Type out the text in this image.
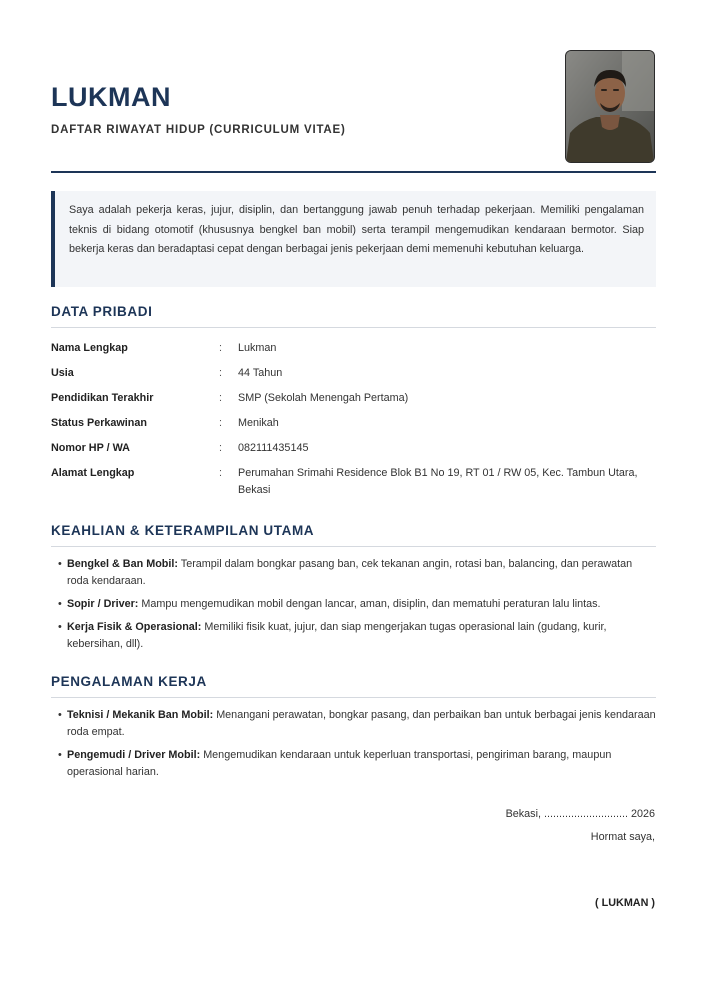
LUKMAN
DAFTAR RIWAYAT HIDUP (CURRICULUM VITAE)

Saya adalah pekerja keras, jujur, disiplin, dan bertanggung jawab penuh terhadap pekerjaan. Memiliki pengalaman teknis di bidang otomotif (khususnya bengkel ban mobil) serta terampil mengemudikan kendaraan bermotor. Siap bekerja keras dan beradaptasi cepat dengan berbagai jenis pekerjaan demi memenuhi kebutuhan keluarga.

DATA PRIBADI
Nama Lengkap	:	Lukman
Usia	:	44 Tahun
Pendidikan Terakhir	:	SMP (Sekolah Menengah Pertama)
Status Perkawinan	:	Menikah
Nomor HP / WA	:	082111435145
Alamat Lengkap	:	Perumahan Srimahi Residence Blok B1 No 19, RT 01 / RW 05, Kec. Tambun Utara, Bekasi
KEAHLIAN & KETERAMPILAN UTAMA
• Bengkel & Ban Mobil: Terampil dalam bongkar pasang ban, cek tekanan angin, rotasi ban, balancing, dan perawatan roda kendaraan.
• Sopir / Driver: Mampu mengemudikan mobil dengan lancar, aman, disiplin, dan mematuhi peraturan lalu lintas.
• Kerja Fisik & Operasional: Memiliki fisik kuat, jujur, dan siap mengerjakan tugas operasional lain (gudang, kurir, kebersihan, dll).
PENGALAMAN KERJA
• Teknisi / Mekanik Ban Mobil: Menangani perawatan, bongkar pasang, dan perbaikan ban untuk berbagai jenis kendaraan roda empat.
• Pengemudi / Driver Mobil: Mengemudikan kendaraan untuk keperluan transportasi, pengiriman barang, maupun operasional harian.
Bekasi, ............................ 2026
Hormat saya,
( LUKMAN )
